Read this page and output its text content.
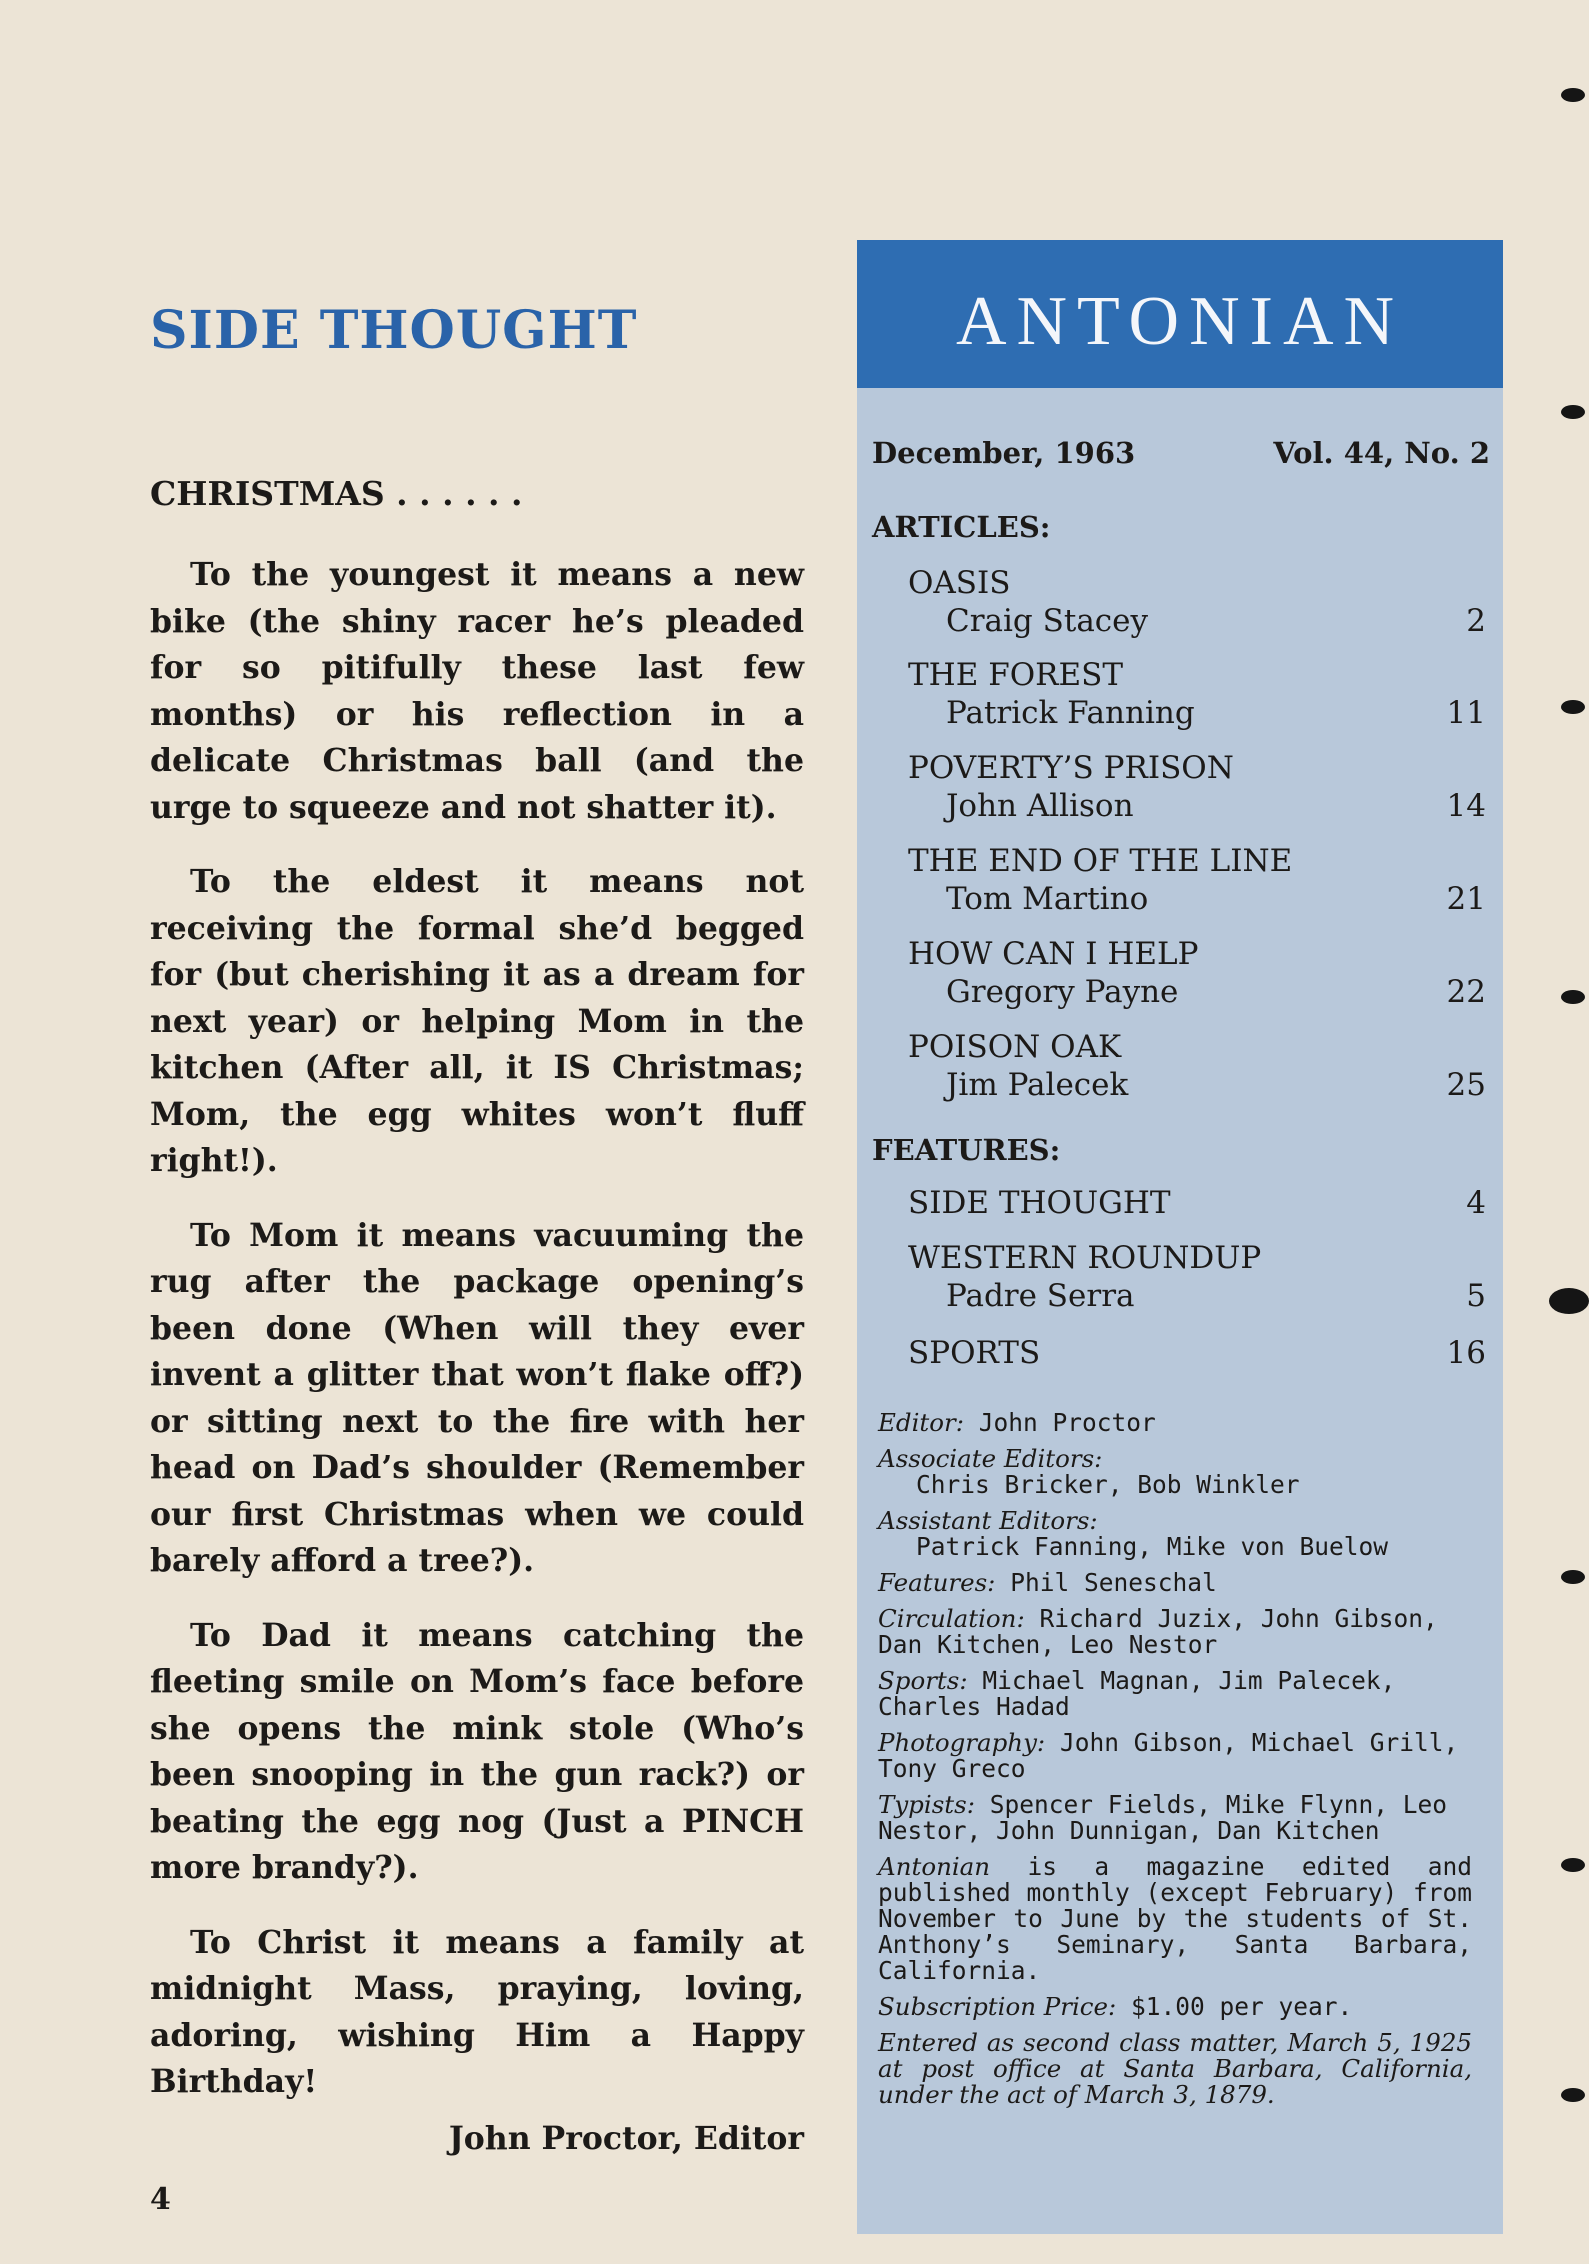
SIDE THOUGHT
CHRISTMAS . . . . . .

To the youngest it means a new bike (the shiny racer he’s pleaded for so pitifully these last few months) or his reflection in a delicate Christmas ball (and the urge to squeeze and not shatter it).

To the eldest it means not receiving the formal she’d begged for (but cherishing it as a dream for next year) or helping Mom in the kitchen (After all, it IS Christmas; Mom, the egg whites won’t fluff right!).

To Mom it means vacuuming the rug after the package opening’s been done (When will they ever invent a glitter that won’t flake off?) or sitting next to the fire with her head on Dad’s shoulder (Remember our first Christmas when we could barely afford a tree?).

To Dad it means catching the fleeting smile on Mom’s face before she opens the mink stole (Who’s been snooping in the gun rack?) or beating the egg nog (Just a PINCH more brandy?).

To Christ it means a family at midnight Mass, praying, loving, adoring, wishing Him a Happy Birthday!

John Proctor, Editor
4
ANTONIAN
December, 1963	Vol. 44, No. 2
ARTICLES:
OASIS
Craig Stacey	2
THE FOREST
Patrick Fanning	11
POVERTY’S PRISON
John Allison	14
THE END OF THE LINE
Tom Martino	21
HOW CAN I HELP
Gregory Payne	22
POISON OAK
Jim Palecek	25
FEATURES:
SIDE THOUGHT	4
WESTERN ROUNDUP
Padre Serra	5
SPORTS	16
Editor: John Proctor
Associate Editors:
Chris Bricker, Bob Winkler
Assistant Editors:
Patrick Fanning, Mike von Buelow
Features: Phil Seneschal
Circulation: Richard Juzix, John Gibson, Dan Kitchen, Leo Nestor
Sports: Michael Magnan, Jim Palecek, Charles Hadad
Photography: John Gibson, Michael Grill, Tony Greco
Typists: Spencer Fields, Mike Flynn, Leo Nestor, John Dunnigan, Dan Kitchen
Antonian is a magazine edited and published monthly (except February) from November to June by the students of St. Anthony’s Seminary, Santa Barbara, California.
Subscription Price: $1.00 per year.
Entered as second class matter, March 5, 1925 at post office at Santa Barbara, California, under the act of March 3, 1879.
